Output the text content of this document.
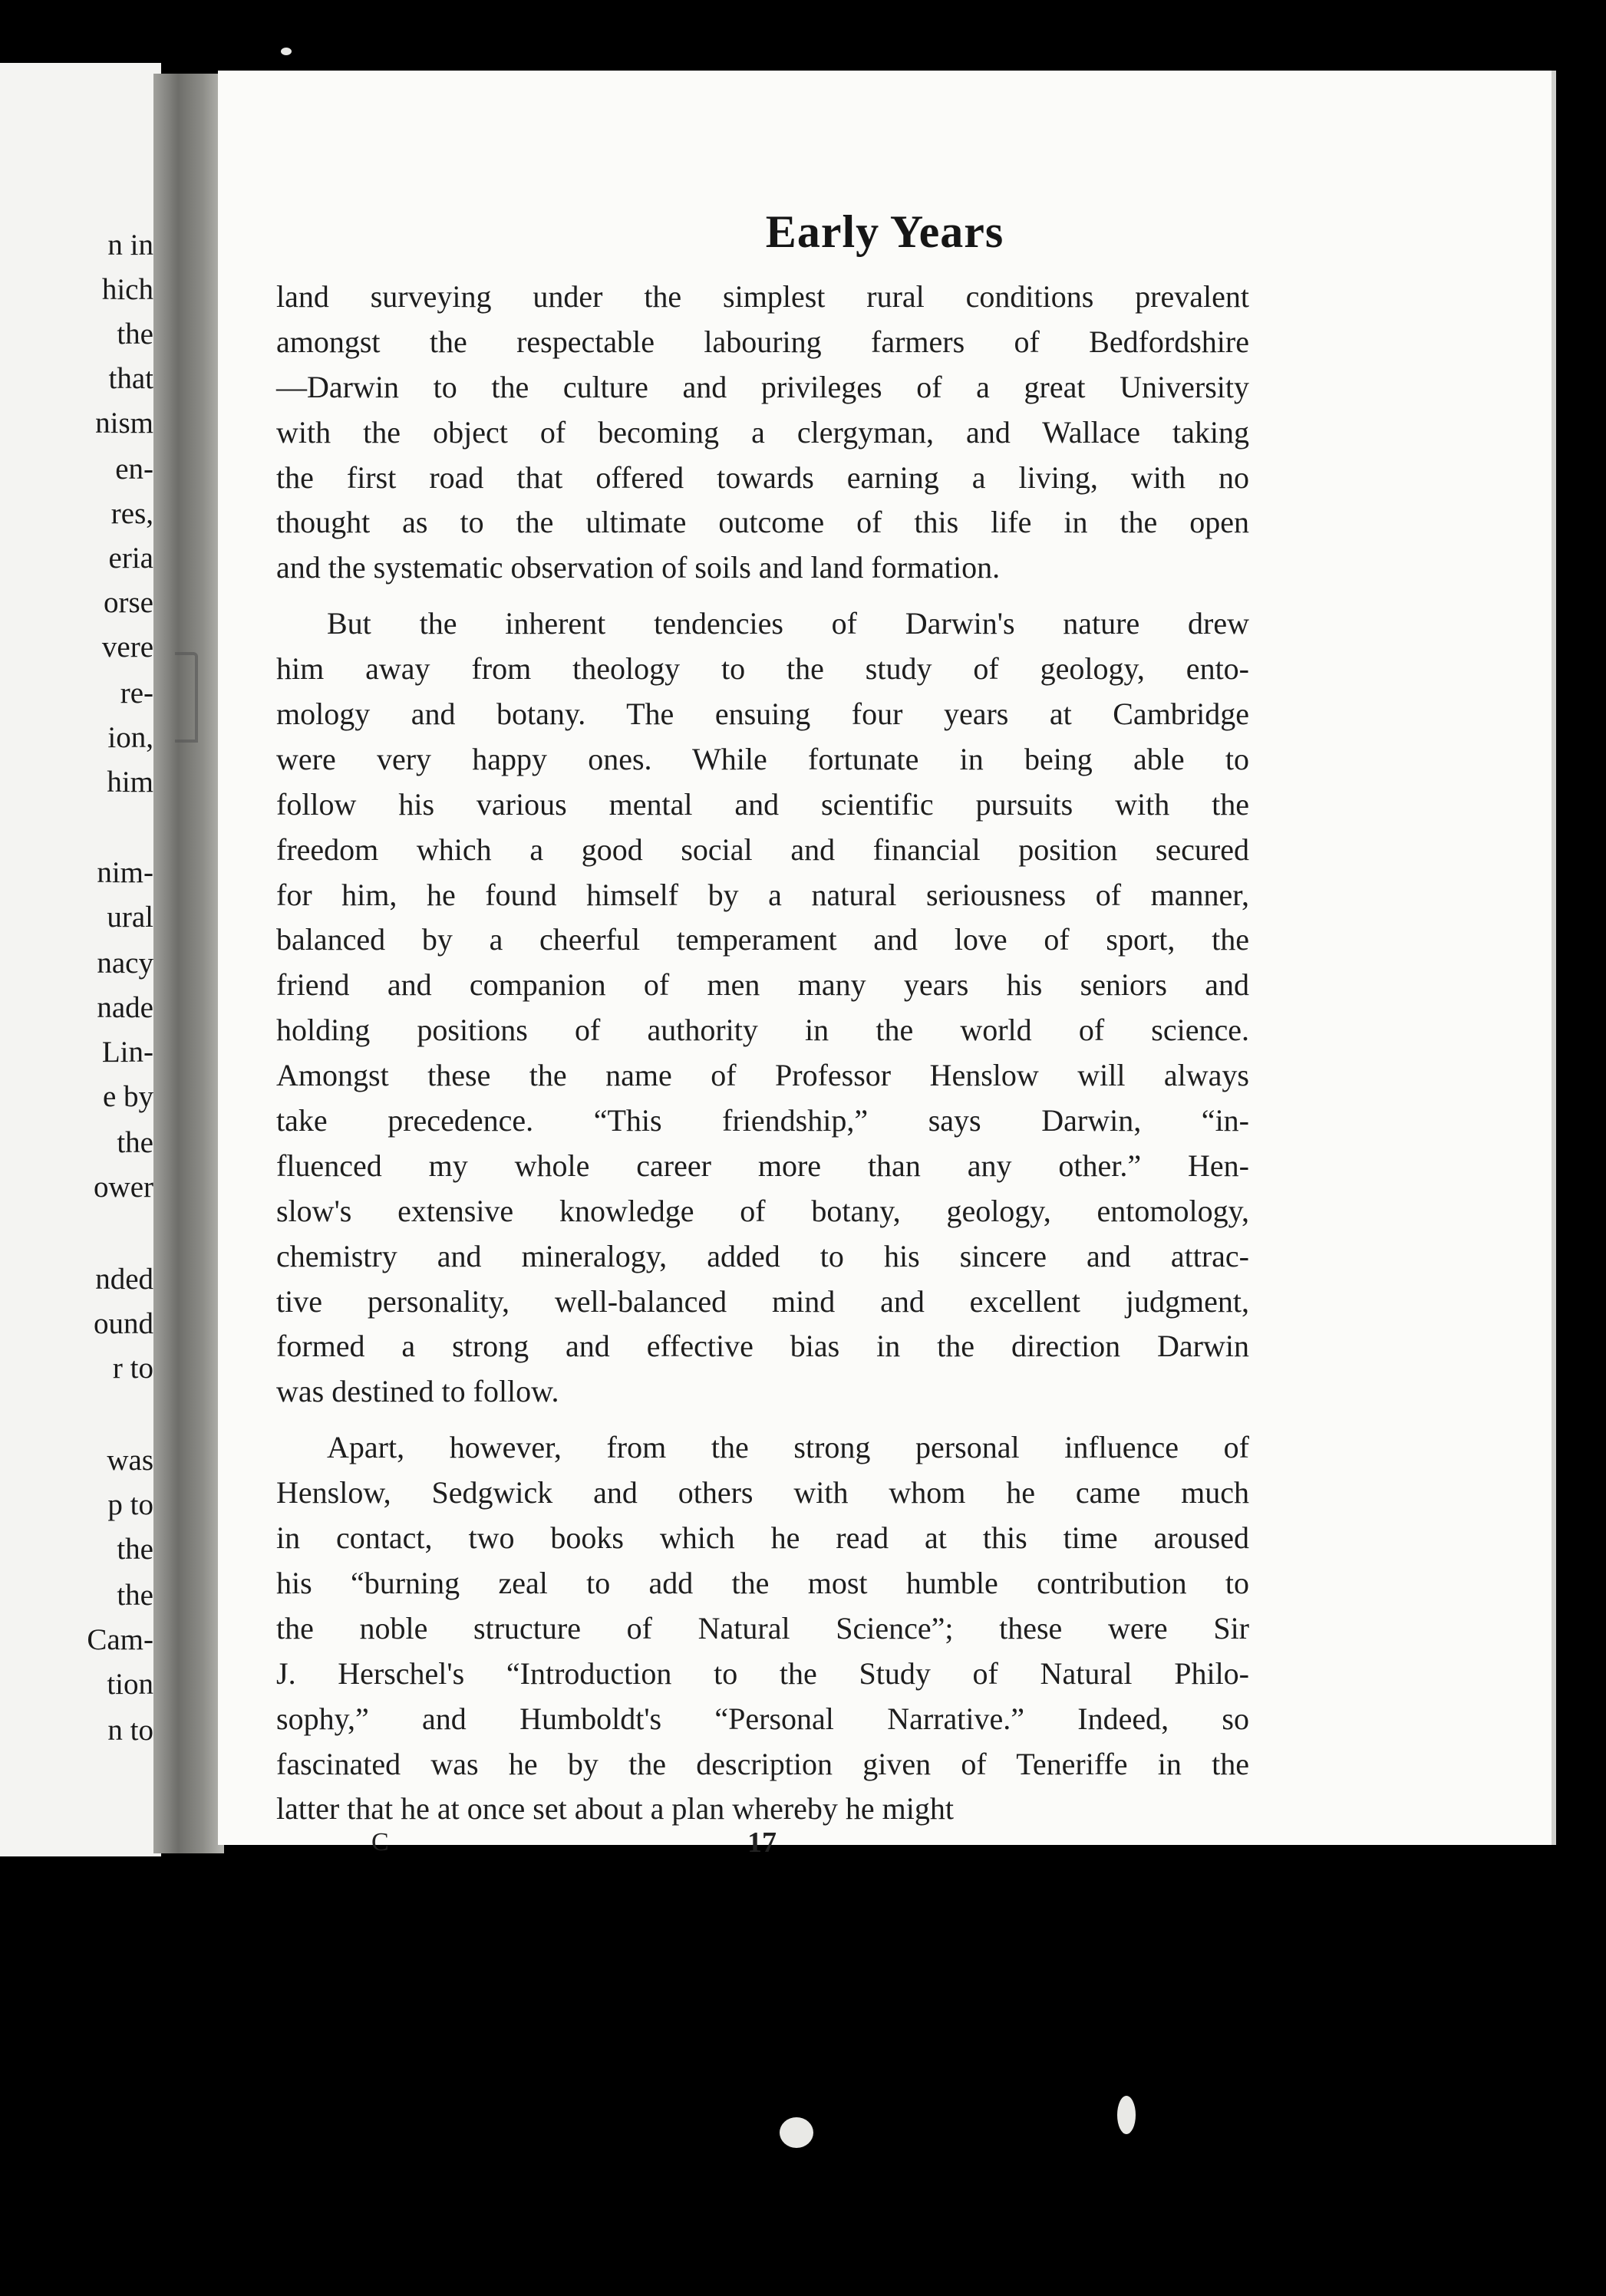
n in
hich
the
that
nism
en-
res,
eria
orse
vere
re-
ion,
him
nim-
ural
nacy
nade
Lin-
e by
the
ower
nded
ound
r to
was
p to
the
the
Cam-
tion
n to
Early Years
land surveying under the simplest rural conditions prevalent
amongst the respectable labouring farmers of Bedfordshire
—Darwin to the culture and privileges of a great University
with the object of becoming a clergyman, and Wallace taking
the first road that offered towards earning a living, with no
thought as to the ultimate outcome of this life in the open
and the systematic observation of soils and land formation.
But the inherent tendencies of Darwin's nature drew
him away from theology to the study of geology, ento-
mology and botany. The ensuing four years at Cambridge
were very happy ones. While fortunate in being able to
follow his various mental and scientific pursuits with the
freedom which a good social and financial position secured
for him, he found himself by a natural seriousness of manner,
balanced by a cheerful temperament and love of sport, the
friend and companion of men many years his seniors and
holding positions of authority in the world of science.
Amongst these the name of Professor Henslow will always
take precedence. “This friendship,” says Darwin, “in-
fluenced my whole career more than any other.” Hen-
slow's extensive knowledge of botany, geology, entomology,
chemistry and mineralogy, added to his sincere and attrac-
tive personality, well-balanced mind and excellent judgment,
formed a strong and effective bias in the direction Darwin
was destined to follow.
Apart, however, from the strong personal influence of
Henslow, Sedgwick and others with whom he came much
in contact, two books which he read at this time aroused
his “burning zeal to add the most humble contribution to
the noble structure of Natural Science”; these were Sir
J. Herschel's “Introduction to the Study of Natural Philo-
sophy,” and Humboldt's “Personal Narrative.” Indeed, so
fascinated was he by the description given of Teneriffe in the
latter that he at once set about a plan whereby he might
C	17
